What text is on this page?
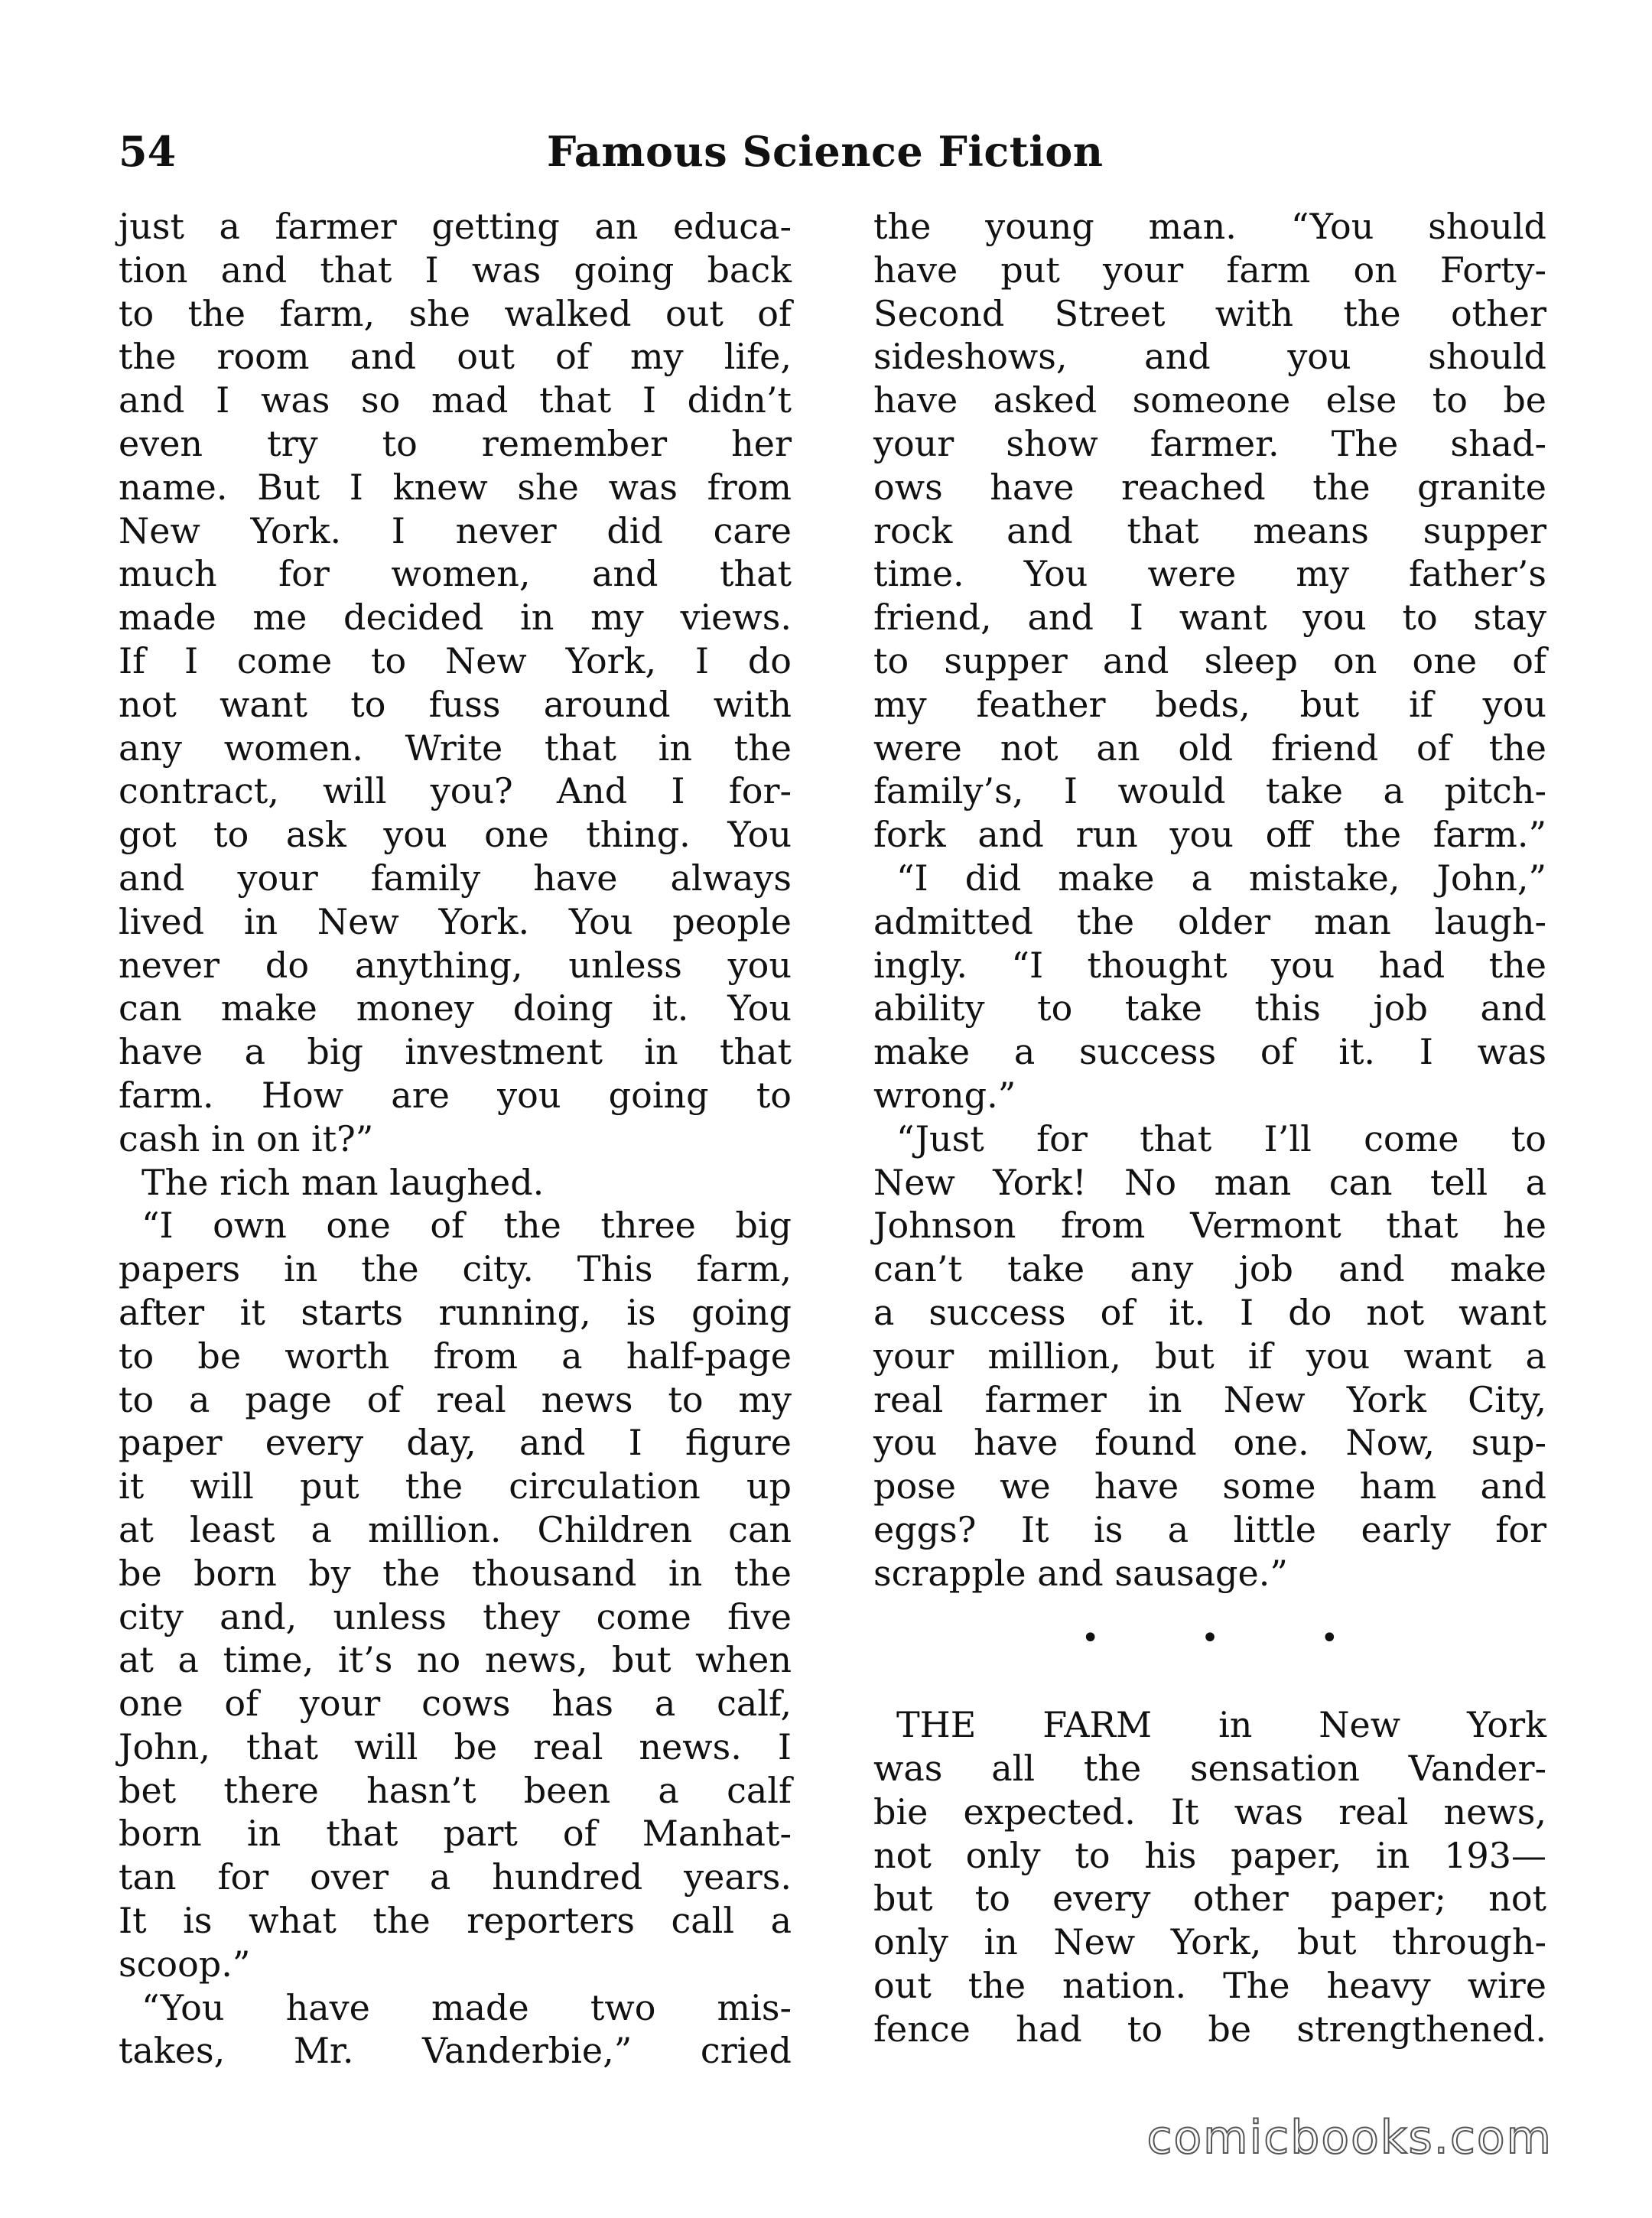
54	Famous Science Fiction
just a farmer getting an educa-
tion and that I was going back
to the farm, she walked out of
the room and out of my life,
and I was so mad that I didn’t
even try to remember her
name. But I knew she was from
New York. I never did care
much for women, and that
made me decided in my views.
If I come to New York, I do
not want to fuss around with
any women. Write that in the
contract, will you? And I for-
got to ask you one thing. You
and your family have always
lived in New York. You people
never do anything, unless you
can make money doing it. You
have a big investment in that
farm. How are you going to
cash in on it?”
The rich man laughed.
“I own one of the three big
papers in the city. This farm,
after it starts running, is going
to be worth from a half-page
to a page of real news to my
paper every day, and I figure
it will put the circulation up
at least a million. Children can
be born by the thousand in the
city and, unless they come five
at a time, it’s no news, but when
one of your cows has a calf,
John, that will be real news. I
bet there hasn’t been a calf
born in that part of Manhat-
tan for over a hundred years.
It is what the reporters call a
scoop.”
“You have made two mis-
takes, Mr. Vanderbie,” cried
the young man. “You should
have put your farm on Forty-
Second Street with the other
sideshows, and you should
have asked someone else to be
your show farmer. The shad-
ows have reached the granite
rock and that means supper
time. You were my father’s
friend, and I want you to stay
to supper and sleep on one of
my feather beds, but if you
were not an old friend of the
family’s, I would take a pitch-
fork and run you off the farm.”
“I did make a mistake, John,”
admitted the older man laugh-
ingly. “I thought you had the
ability to take this job and
make a success of it. I was
wrong.”
“Just for that I’ll come to
New York! No man can tell a
Johnson from Vermont that he
can’t take any job and make
a success of it. I do not want
your million, but if you want a
real farmer in New York City,
you have found one. Now, sup-
pose we have some ham and
eggs? It is a little early for
scrapple and sausage.”
• • •
THE FARM in New York
was all the sensation Vander-
bie expected. It was real news,
not only to his paper, in 193—
but to every other paper; not
only in New York, but through-
out the nation. The heavy wire
fence had to be strengthened.
comicbooks.com
